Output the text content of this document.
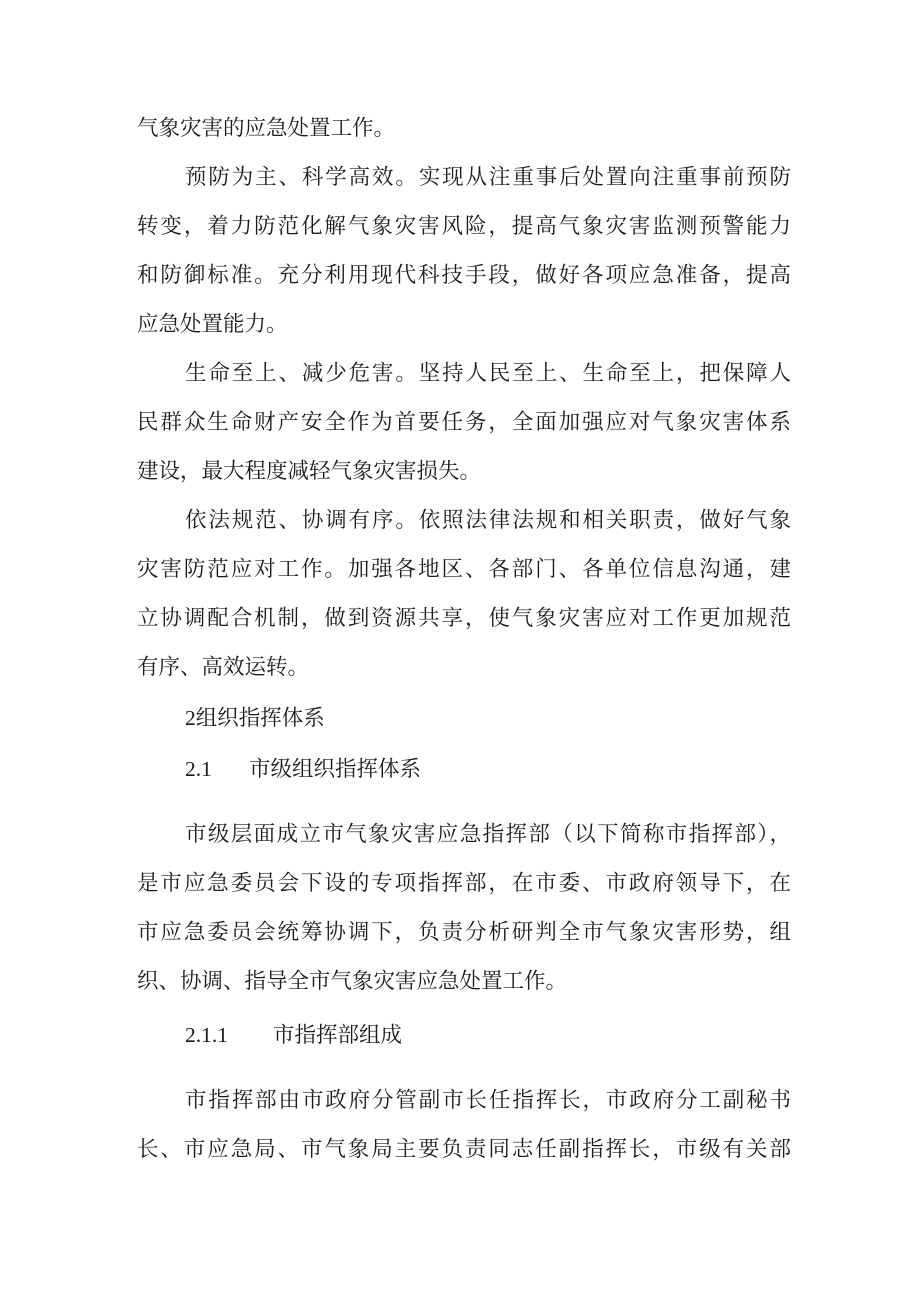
气象灾害的应急处置工作。
预防为主、科学高效。实现从注重事后处置向注重事前预防
转变，着力防范化解气象灾害风险，提高气象灾害监测预警能力
和防御标准。充分利用现代科技手段，做好各项应急准备，提高
应急处置能力。
生命至上、减少危害。坚持人民至上、生命至上，把保障人
民群众生命财产安全作为首要任务，全面加强应对气象灾害体系
建设，最大程度减轻气象灾害损失。
依法规范、协调有序。依照法律法规和相关职责，做好气象
灾害防范应对工作。加强各地区、各部门、各单位信息沟通，建
立协调配合机制，做到资源共享，使气象灾害应对工作更加规范
有序、高效运转。
2组织指挥体系
2.1 市级组织指挥体系
市级层面成立市气象灾害应急指挥部（以下简称市指挥部），
是市应急委员会下设的专项指挥部，在市委、市政府领导下，在
市应急委员会统筹协调下，负责分析研判全市气象灾害形势，组
织、协调、指导全市气象灾害应急处置工作。
2.1.1 市指挥部组成
市指挥部由市政府分管副市长任指挥长，市政府分工副秘书
长、市应急局、市气象局主要负责同志任副指挥长，市级有关部
